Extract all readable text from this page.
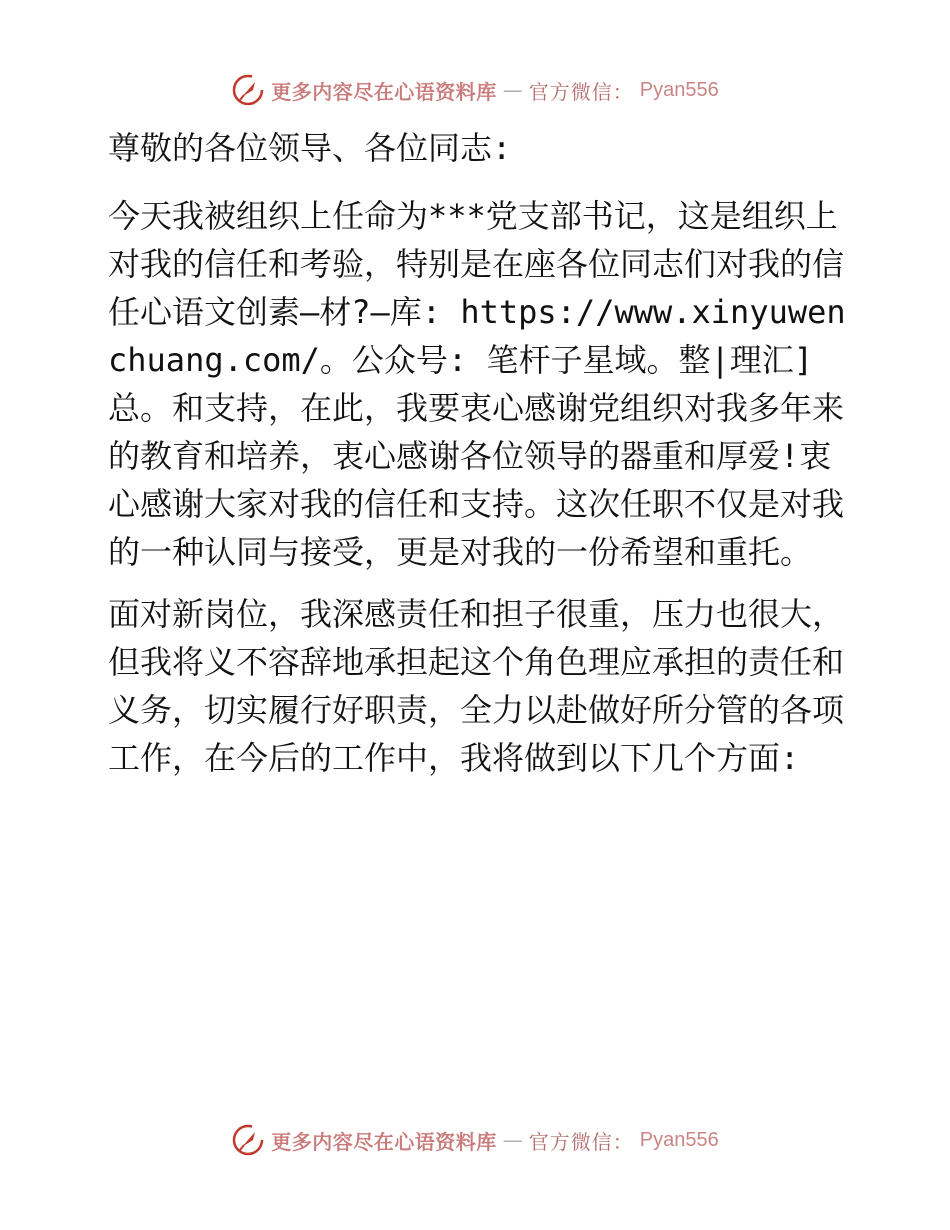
更多内容尽在心语资料库 — 官方微信： Pyan556

尊敬的各位领导、各位同志:

今天我被组织上任命为***党支部书记，这是组织上对我的信任和考验，特别是在座各位同志们对我的信任心语文创素—材?—库: https://www.xinyuwenchuang.com/。公众号: 笔杆子星域。整|理汇]总。和支持，在此，我要衷心感谢党组织对我多年来的教育和培养，衷心感谢各位领导的器重和厚爱!衷心感谢大家对我的信任和支持。这次任职不仅是对我的一种认同与接受，更是对我的一份希望和重托。

面对新岗位，我深感责任和担子很重，压力也很大，但我将义不容辞地承担起这个角色理应承担的责任和义务，切实履行好职责，全力以赴做好所分管的各项工作，在今后的工作中，我将做到以下几个方面:

更多内容尽在心语资料库 — 官方微信： Pyan556
